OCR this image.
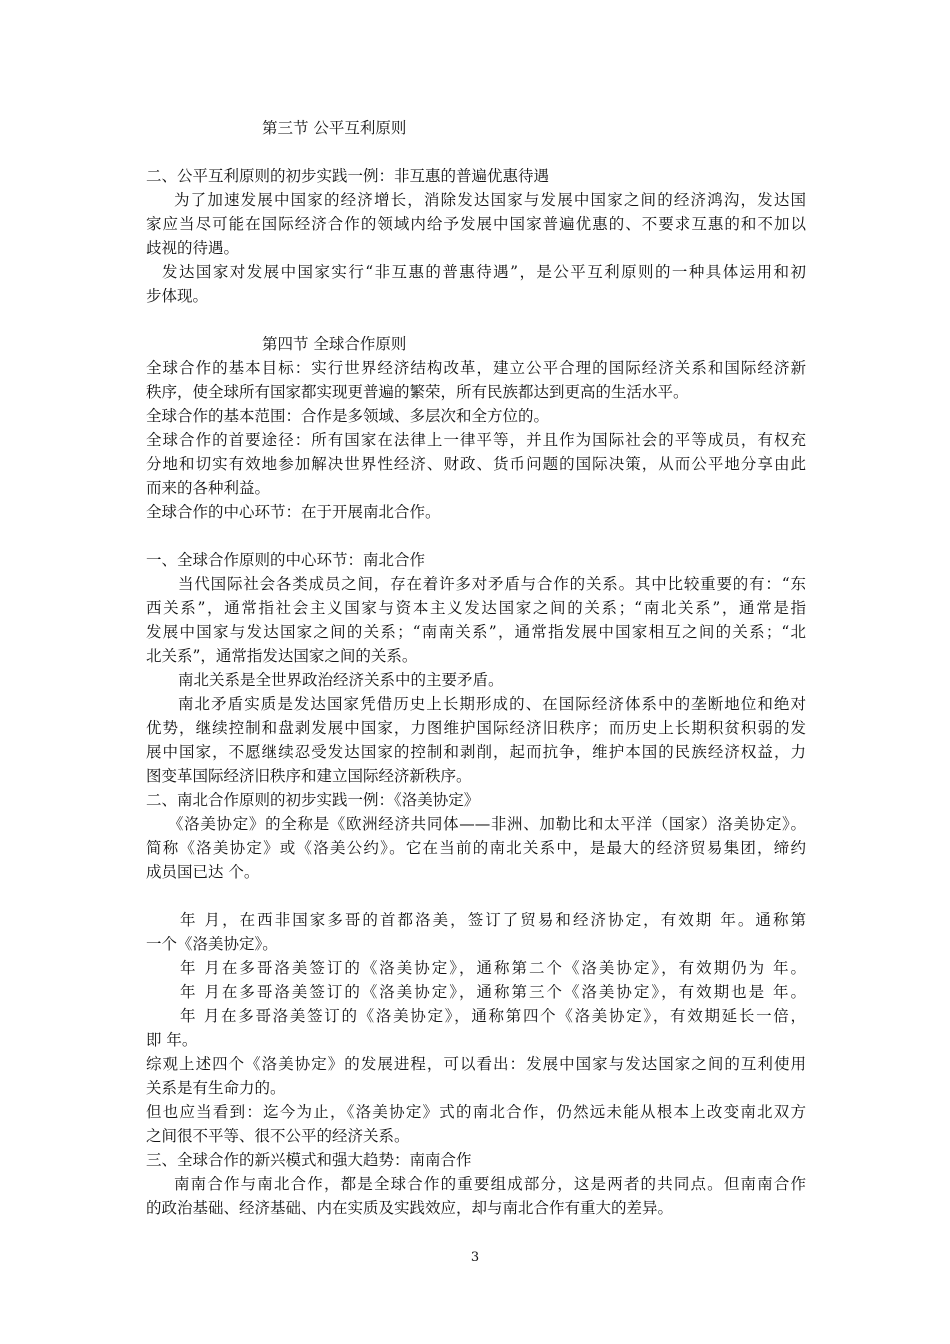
第三节 公平互利原则
二、公平互利原则的初步实践一例：非互惠的普遍优惠待遇
为了加速发展中国家的经济增长，消除发达国家与发展中国家之间的经济鸿沟，发达国
家应当尽可能在国际经济合作的领域内给予发展中国家普遍优惠的、不要求互惠的和不加以
歧视的待遇。
发达国家对发展中国家实行“非互惠的普惠待遇”，是公平互利原则的一种具体运用和初
步体现。
第四节 全球合作原则
全球合作的基本目标：实行世界经济结构改革，建立公平合理的国际经济关系和国际经济新
秩序，使全球所有国家都实现更普遍的繁荣，所有民族都达到更高的生活水平。
全球合作的基本范围：合作是多领域、多层次和全方位的。
全球合作的首要途径：所有国家在法律上一律平等，并且作为国际社会的平等成员，有权充
分地和切实有效地参加解决世界性经济、财政、货币问题的国际决策，从而公平地分享由此
而来的各种利益。
全球合作的中心环节：在于开展南北合作。
一、全球合作原则的中心环节：南北合作
当代国际社会各类成员之间，存在着许多对矛盾与合作的关系。其中比较重要的有：“东
西关系”，通常指社会主义国家与资本主义发达国家之间的关系；“南北关系”，通常是指
发展中国家与发达国家之间的关系；“南南关系”，通常指发展中国家相互之间的关系；“北
北关系”，通常指发达国家之间的关系。
南北关系是全世界政治经济关系中的主要矛盾。
南北矛盾实质是发达国家凭借历史上长期形成的、在国际经济体系中的垄断地位和绝对
优势，继续控制和盘剥发展中国家，力图维护国际经济旧秩序；而历史上长期积贫积弱的发
展中国家，不愿继续忍受发达国家的控制和剥削，起而抗争，维护本国的民族经济权益，力
图变革国际经济旧秩序和建立国际经济新秩序。
二、南北合作原则的初步实践一例：《洛美协定》
《洛美协定》的全称是《欧洲经济共同体——非洲、加勒比和太平洋（国家）洛美协定》。
简称《洛美协定》或《洛美公约》。它在当前的南北关系中，是最大的经济贸易集团，缔约
成员国已达 个。
年 月，在西非国家多哥的首都洛美，签订了贸易和经济协定，有效期 年。通称第
一个《洛美协定》。
年 月在多哥洛美签订的《洛美协定》，通称第二个《洛美协定》，有效期仍为 年。
年 月在多哥洛美签订的《洛美协定》，通称第三个《洛美协定》，有效期也是 年。
年 月在多哥洛美签订的《洛美协定》，通称第四个《洛美协定》，有效期延长一倍，
即 年。
综观上述四个《洛美协定》的发展进程，可以看出：发展中国家与发达国家之间的互利使用
关系是有生命力的。
但也应当看到：迄今为止，《洛美协定》式的南北合作，仍然远未能从根本上改变南北双方
之间很不平等、很不公平的经济关系。
三、全球合作的新兴模式和强大趋势：南南合作
南南合作与南北合作，都是全球合作的重要组成部分，这是两者的共同点。但南南合作
的政治基础、经济基础、内在实质及实践效应，却与南北合作有重大的差异。
3
